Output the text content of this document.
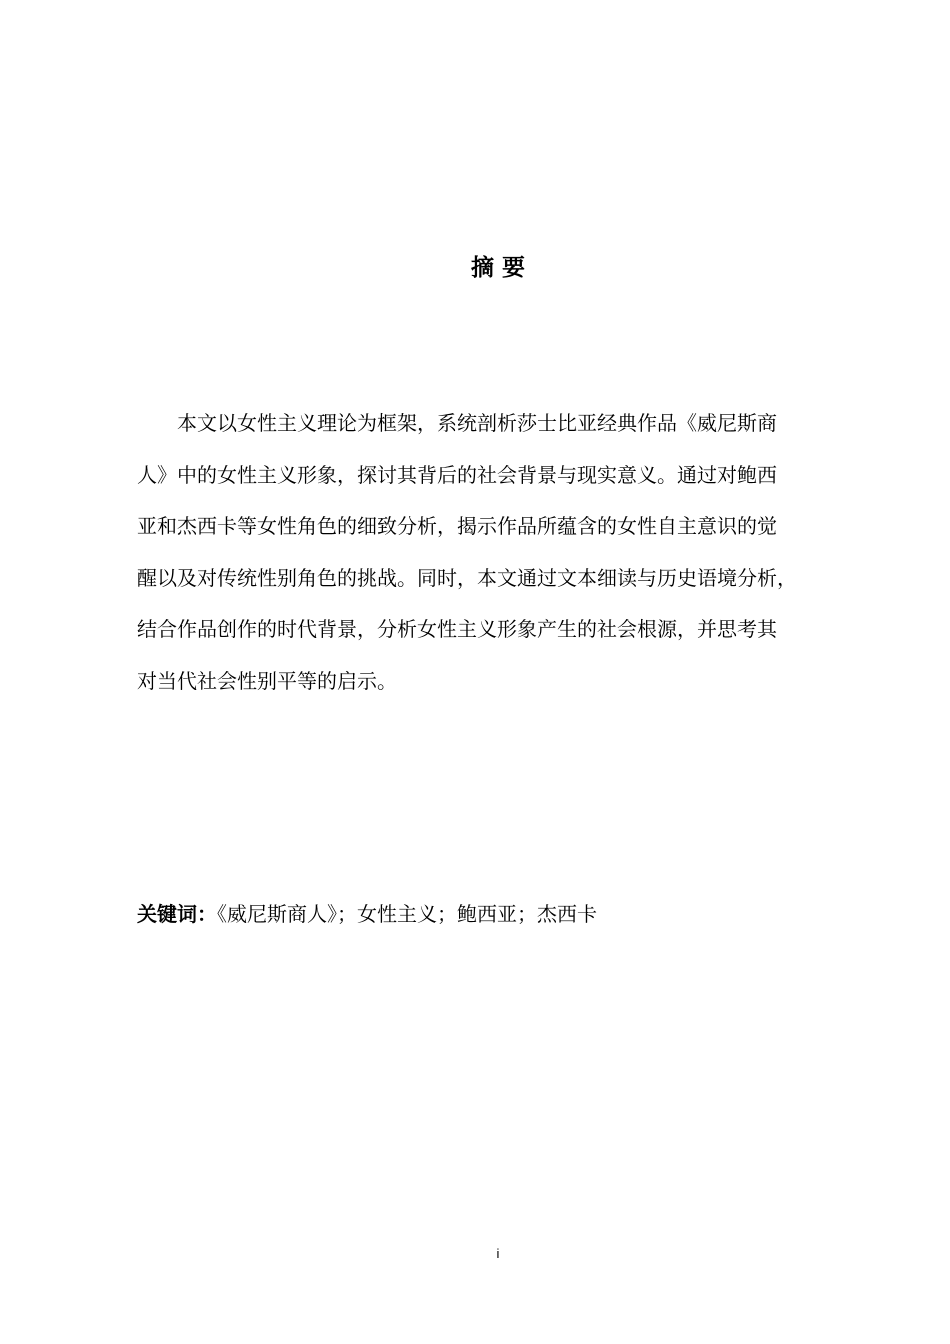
摘 要
本文以女性主义理论为框架，系统剖析莎士比亚经典作品《威尼斯商
人》中的女性主义形象，探讨其背后的社会背景与现实意义。通过对鲍西
亚和杰西卡等女性角色的细致分析，揭示作品所蕴含的女性自主意识的觉
醒以及对传统性别角色的挑战。同时，本文通过文本细读与历史语境分析，
结合作品创作的时代背景，分析女性主义形象产生的社会根源，并思考其
对当代社会性别平等的启示。
关键词：《威尼斯商人》；女性主义；鲍西亚；杰西卡
i
